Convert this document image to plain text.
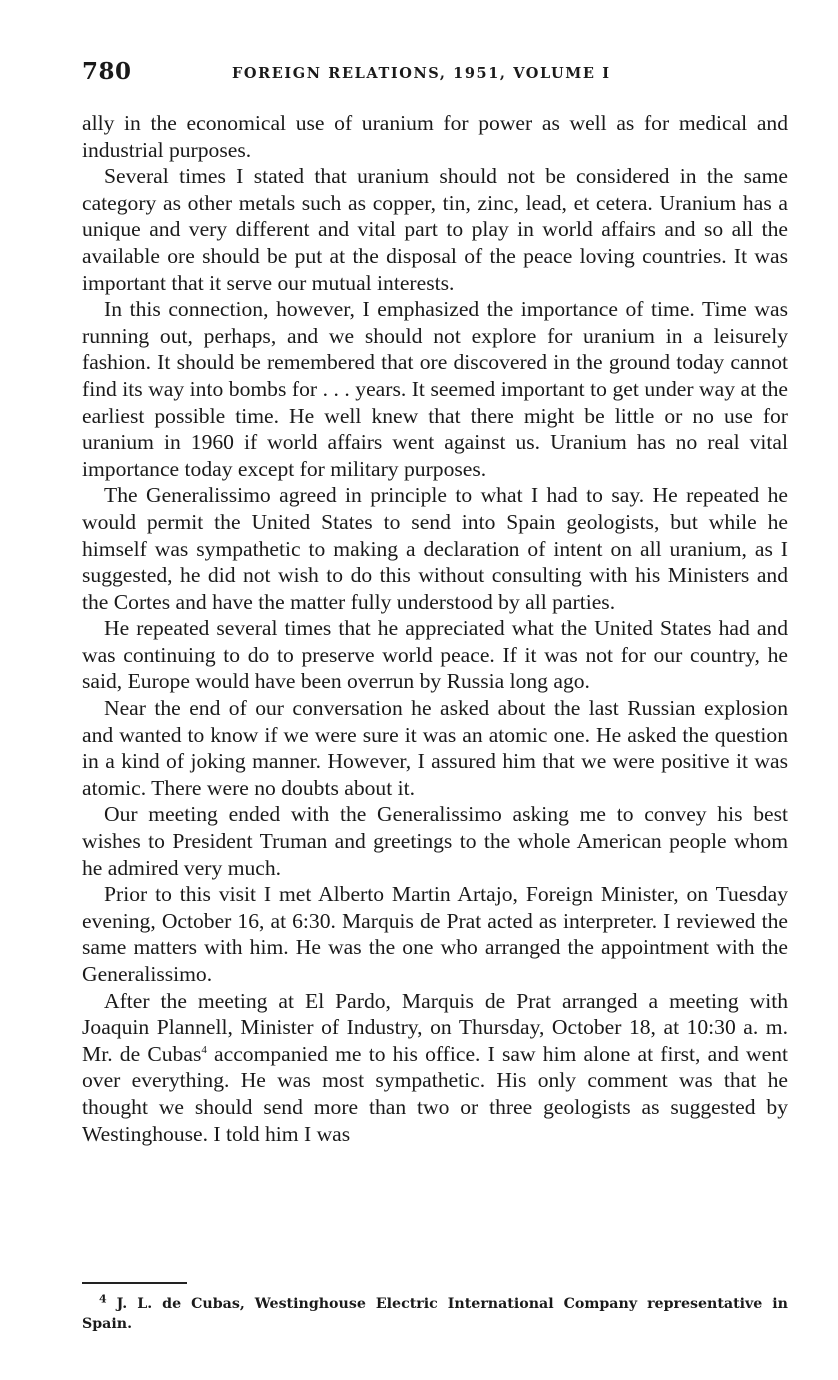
780	FOREIGN RELATIONS, 1951, VOLUME I

ally in the economical use of uranium for power as well as for medical and industrial purposes.

Several times I stated that uranium should not be considered in the same category as other metals such as copper, tin, zinc, lead, et cetera. Uranium has a unique and very different and vital part to play in world affairs and so all the available ore should be put at the disposal of the peace loving countries. It was important that it serve our mutual interests.

In this connection, however, I emphasized the importance of time. Time was running out, perhaps, and we should not explore for uranium in a leisurely fashion. It should be remembered that ore discovered in the ground today cannot find its way into bombs for . . . years. It seemed important to get under way at the earliest possible time. He well knew that there might be little or no use for uranium in 1960 if world affairs went against us. Uranium has no real vital importance today except for military purposes.

The Generalissimo agreed in principle to what I had to say. He repeated he would permit the United States to send into Spain geologists, but while he himself was sympathetic to making a declaration of intent on all uranium, as I suggested, he did not wish to do this without consulting with his Ministers and the Cortes and have the matter fully understood by all parties.

He repeated several times that he appreciated what the United States had and was continuing to do to preserve world peace. If it was not for our country, he said, Europe would have been overrun by Russia long ago.

Near the end of our conversation he asked about the last Russian explosion and wanted to know if we were sure it was an atomic one. He asked the question in a kind of joking manner. However, I assured him that we were positive it was atomic. There were no doubts about it.

Our meeting ended with the Generalissimo asking me to convey his best wishes to President Truman and greetings to the whole American people whom he admired very much.

Prior to this visit I met Alberto Martin Artajo, Foreign Minister, on Tuesday evening, October 16, at 6:30. Marquis de Prat acted as interpreter. I reviewed the same matters with him. He was the one who arranged the appointment with the Generalissimo.

After the meeting at El Pardo, Marquis de Prat arranged a meeting with Joaquin Plannell, Minister of Industry, on Thursday, October 18, at 10:30 a. m. Mr. de Cubas$^4$ accompanied me to his office. I saw him alone at first, and went over everything. He was most sympathetic. His only comment was that he thought we should send more than two or three geologists as suggested by Westinghouse. I told him I was

$^4$ J. L. de Cubas, Westinghouse Electric International Company representative in Spain.
